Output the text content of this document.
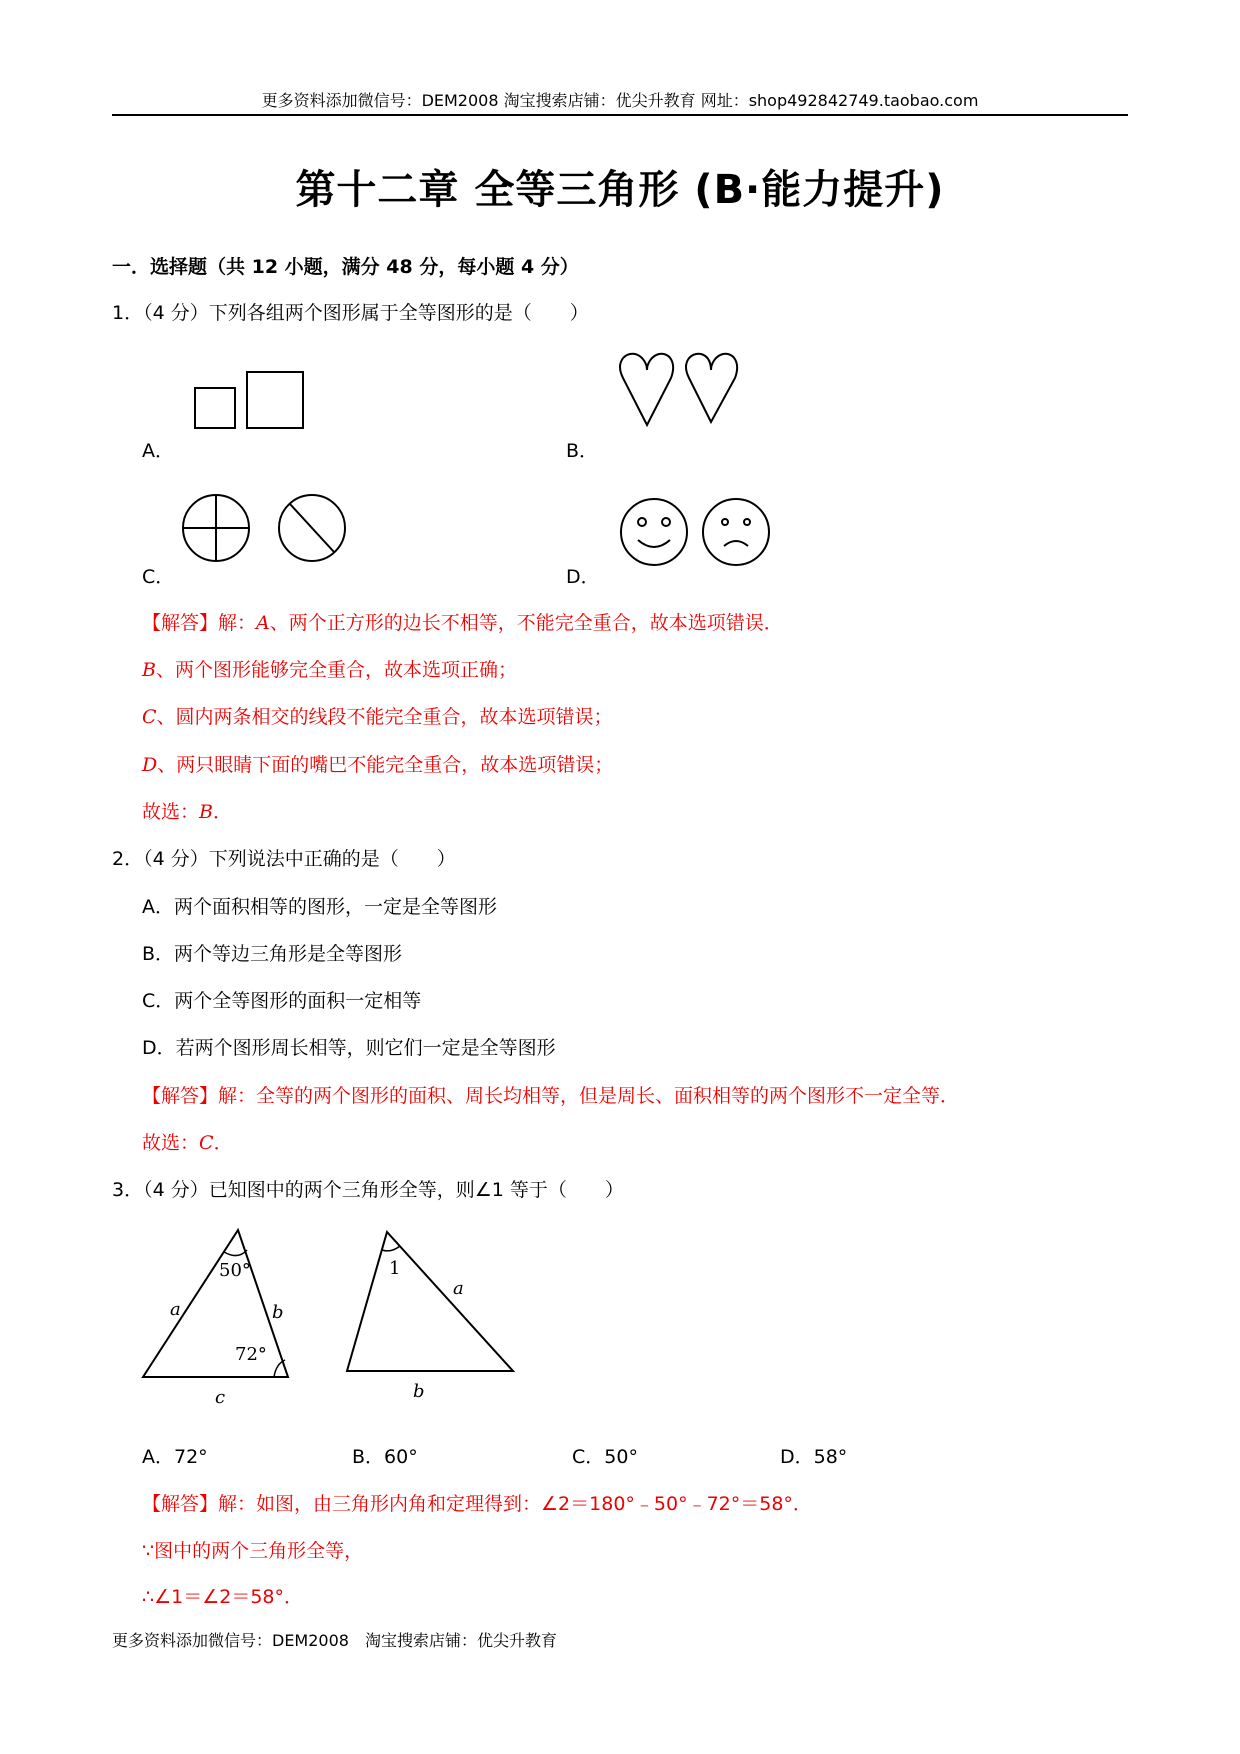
更多资料添加微信号：DEM2008 淘宝搜索店铺：优尖升教育 网址：shop492842749.taobao.com
第十二章 全等三角形 (B·能力提升)
一．选择题（共 12 小题，满分 48 分，每小题 4 分）
1．（4 分）下列各组两个图形属于全等图形的是（　　）
A．	B．
C．	D．
【解答】解：A、两个正方形的边长不相等，不能完全重合，故本选项错误．
B、两个图形能够完全重合，故本选项正确；
C、圆内两条相交的线段不能完全重合，故本选项错误；
D、两只眼睛下面的嘴巴不能完全重合，故本选项错误；
故选：B．
2．（4 分）下列说法中正确的是（　　）
A．两个面积相等的图形，一定是全等图形
B．两个等边三角形是全等图形
C．两个全等图形的面积一定相等
D．若两个图形周长相等，则它们一定是全等图形
【解答】解：全等的两个图形的面积、周长均相等，但是周长、面积相等的两个图形不一定全等．
故选：C．
3．（4 分）已知图中的两个三角形全等，则∠1 等于（　　）
50°
72°
a	b
c
1
a
b
A．72°	B．60°	C．50°	D．58°
【解答】解：如图，由三角形内角和定理得到：∠2＝180°﹣50°﹣72°＝58°．
∵图中的两个三角形全等，
∴∠1＝∠2＝58°．
更多资料添加微信号：DEM2008　淘宝搜索店铺：优尖升教育
